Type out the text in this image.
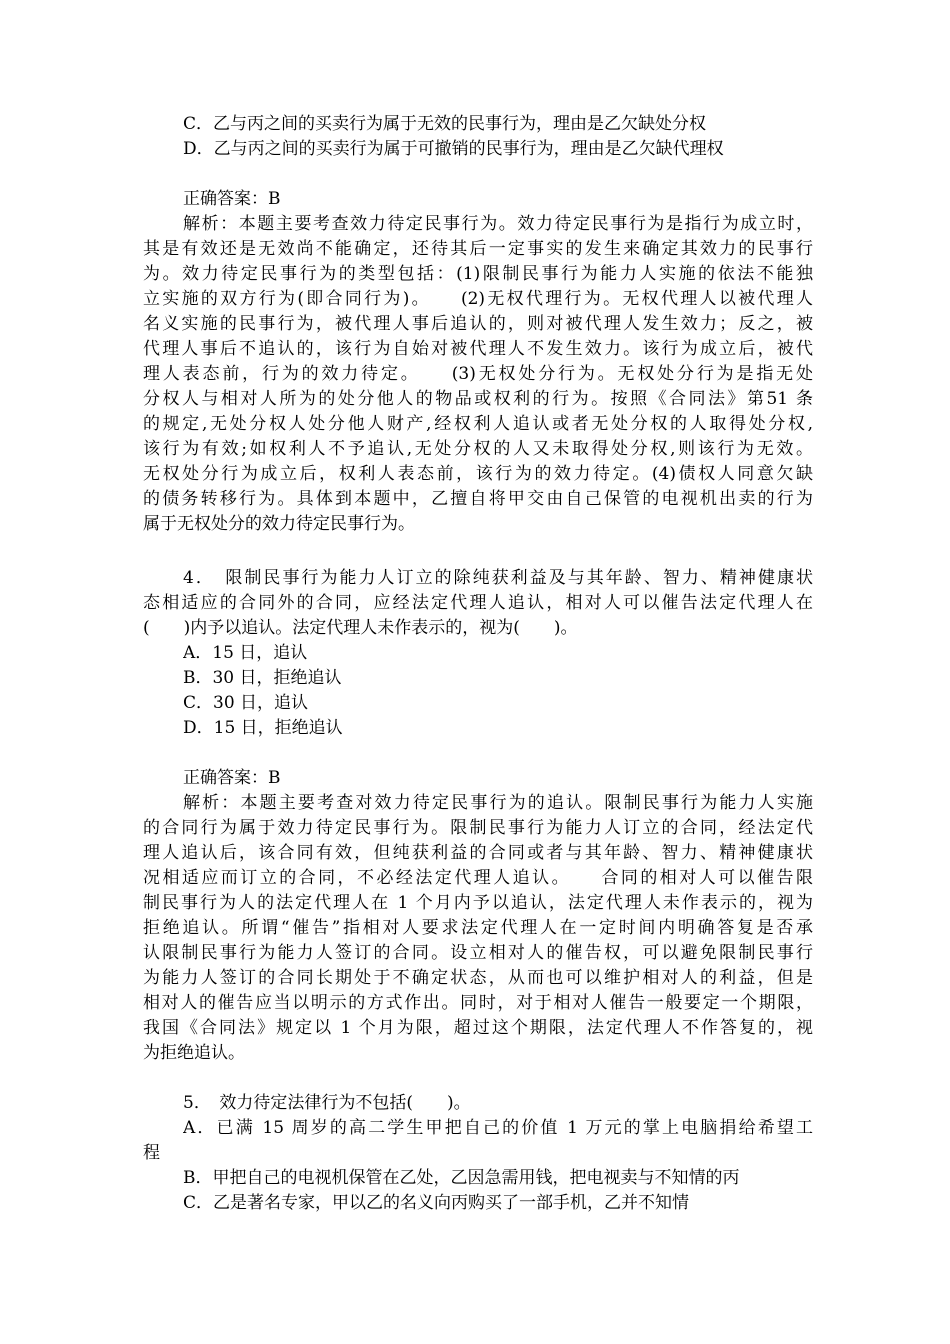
C．乙与丙之间的买卖行为属于无效的民事行为，理由是乙欠缺处分权
D．乙与丙之间的买卖行为属于可撤销的民事行为，理由是乙欠缺代理权
正确答案：B
解析：本题主要考查效力待定民事行为。效力待定民事行为是指行为成立时，
其是有效还是无效尚不能确定，还待其后一定事实的发生来确定其效力的民事行
为。效力待定民事行为的类型包括：(1)限制民事行为能力人实施的依法不能独
立实施的双方行为(即合同行为)。　　(2)无权代理行为。无权代理人以被代理人
名义实施的民事行为，被代理人事后追认的，则对被代理人发生效力；反之，被
代理人事后不追认的，该行为自始对被代理人不发生效力。该行为成立后，被代
理人表态前，行为的效力待定。　　(3)无权处分行为。无权处分行为是指无处
分权人与相对人所为的处分他人的物品或权利的行为。按照《合同法》第51 条
的规定,无处分权人处分他人财产,经权利人追认或者无处分权的人取得处分权,
该行为有效;如权利人不予追认,无处分权的人又未取得处分权,则该行为无效。
无权处分行为成立后，权利人表态前，该行为的效力待定。(4)债权人同意欠缺
的债务转移行为。具体到本题中，乙擅自将甲交由自己保管的电视机出卖的行为
属于无权处分的效力待定民事行为。
4．　限制民事行为能力人订立的除纯获利益及与其年龄、智力、精神健康状
态相适应的合同外的合同，应经法定代理人追认，相对人可以催告法定代理人在
(　　)内予以追认。法定代理人未作表示的，视为(　　)。
A．15 日，追认
B．30 日，拒绝追认
C．30 日，追认
D．15 日，拒绝追认
正确答案：B
解析：本题主要考查对效力待定民事行为的追认。限制民事行为能力人实施
的合同行为属于效力待定民事行为。限制民事行为能力人订立的合同，经法定代
理人追认后，该合同有效，但纯获利益的合同或者与其年龄、智力、精神健康状
况相适应而订立的合同，不必经法定代理人追认。　　合同的相对人可以催告限
制民事行为人的法定代理人在 1 个月内予以追认，法定代理人未作表示的，视为
拒绝追认。所谓“催告”指相对人要求法定代理人在一定时间内明确答复是否承
认限制民事行为能力人签订的合同。设立相对人的催告权，可以避免限制民事行
为能力人签订的合同长期处于不确定状态，从而也可以维护相对人的利益，但是
相对人的催告应当以明示的方式作出。同时，对于相对人催告一般要定一个期限，
我国《合同法》规定以 1 个月为限，超过这个期限，法定代理人不作答复的，视
为拒绝追认。
5．　效力待定法律行为不包括(　　)。
A．已满 15 周岁的高二学生甲把自己的价值 1 万元的掌上电脑捐给希望工
程
B．甲把自己的电视机保管在乙处，乙因急需用钱，把电视卖与不知情的丙
C．乙是著名专家，甲以乙的名义向丙购买了一部手机，乙并不知情
